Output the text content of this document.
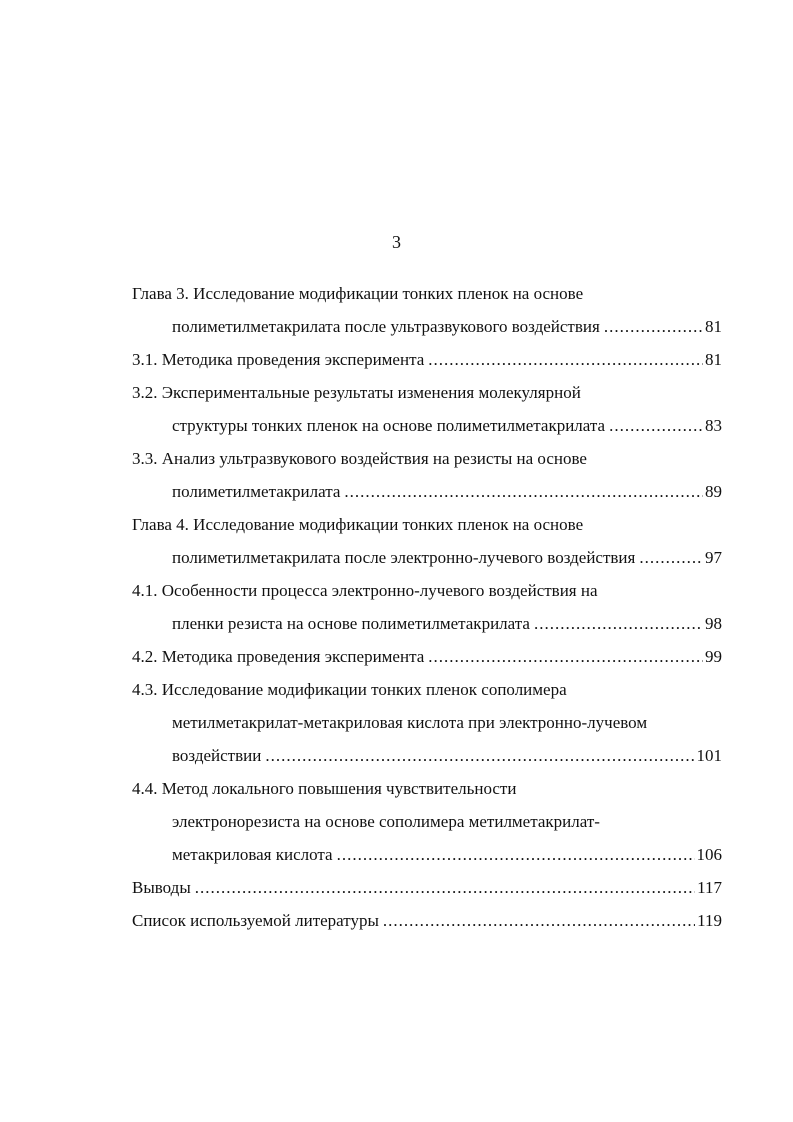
3
Глава 3. Исследование модификации тонких пленок на основе
полиметилметакрилата после ультразвукового воздействия .....	81
3.1. Методика проведения эксперимента .....	81
3.2. Экспериментальные результаты изменения молекулярной
структуры тонких пленок на основе полиметилметакрилата .....	83
3.3. Анализ ультразвукового воздействия на резисты на основе
полиметилметакрилата .....	89
Глава 4. Исследование модификации тонких пленок на основе
полиметилметакрилата после электронно-лучевого воздействия .....	97
4.1. Особенности процесса электронно-лучевого воздействия на
пленки резиста на основе полиметилметакрилата .....	98
4.2. Методика проведения эксперимента .....	99
4.3. Исследование модификации тонких пленок сополимера
метилметакрилат-метакриловая кислота при электронно-лучевом
воздействии .....	101
4.4. Метод локального повышения чувствительности
электронорезиста на основе сополимера метилметакрилат-
метакриловая кислота .....	106
Выводы .....	117
Список используемой литературы .....	119
